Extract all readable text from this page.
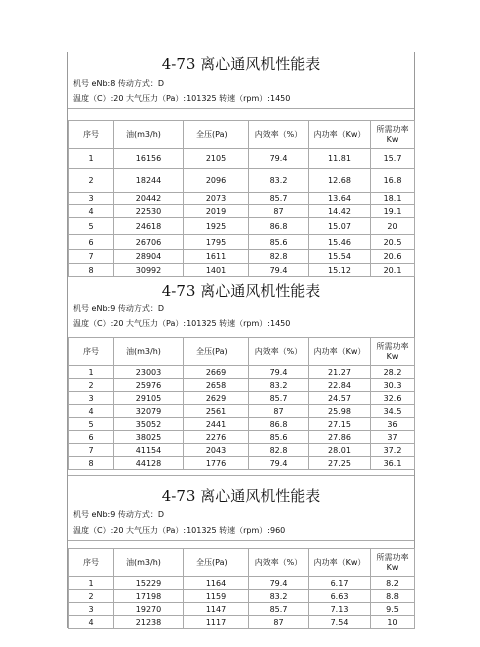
4-73 离心通风机性能表
机号 eNb:8 传动方式：D
温度（C）:20 大气压力（Pa）:101325 转速（rpm）:1450
序号	油(m3/h)	全压(Pa)	内效率（%）	内功率（Kw）	所需功率 Kw
1	16156	2105	79.4	11.81	15.7
2	18244	2096	83.2	12.68	16.8
3	20442	2073	85.7	13.64	18.1
4	22530	2019	87	14.42	19.1
5	24618	1925	86.8	15.07	20
6	26706	1795	85.6	15.46	20.5
7	28904	1611	82.8	15.54	20.6
8	30992	1401	79.4	15.12	20.1
4-73 离心通风机性能表
机号 eNb:9 传动方式：D
温度（C）:20 大气压力（Pa）:101325 转速（rpm）:1450
序号	油(m3/h)	全压(Pa)	内效率（%）	内功率（Kw）	所需功率 Kw
1	23003	2669	79.4	21.27	28.2
2	25976	2658	83.2	22.84	30.3
3	29105	2629	85.7	24.57	32.6
4	32079	2561	87	25.98	34.5
5	35052	2441	86.8	27.15	36
6	38025	2276	85.6	27.86	37
7	41154	2043	82.8	28.01	37.2
8	44128	1776	79.4	27.25	36.1
4-73 离心通风机性能表
机号 eNb:9 传动方式：D
温度（C）:20 大气压力（Pa）:101325 转速（rpm）:960
序号	油(m3/h)	全压(Pa)	内效率（%）	内功率（Kw）	所需功率 Kw
1	15229	1164	79.4	6.17	8.2
2	17198	1159	83.2	6.63	8.8
3	19270	1147	85.7	7.13	9.5
4	21238	1117	87	7.54	10
